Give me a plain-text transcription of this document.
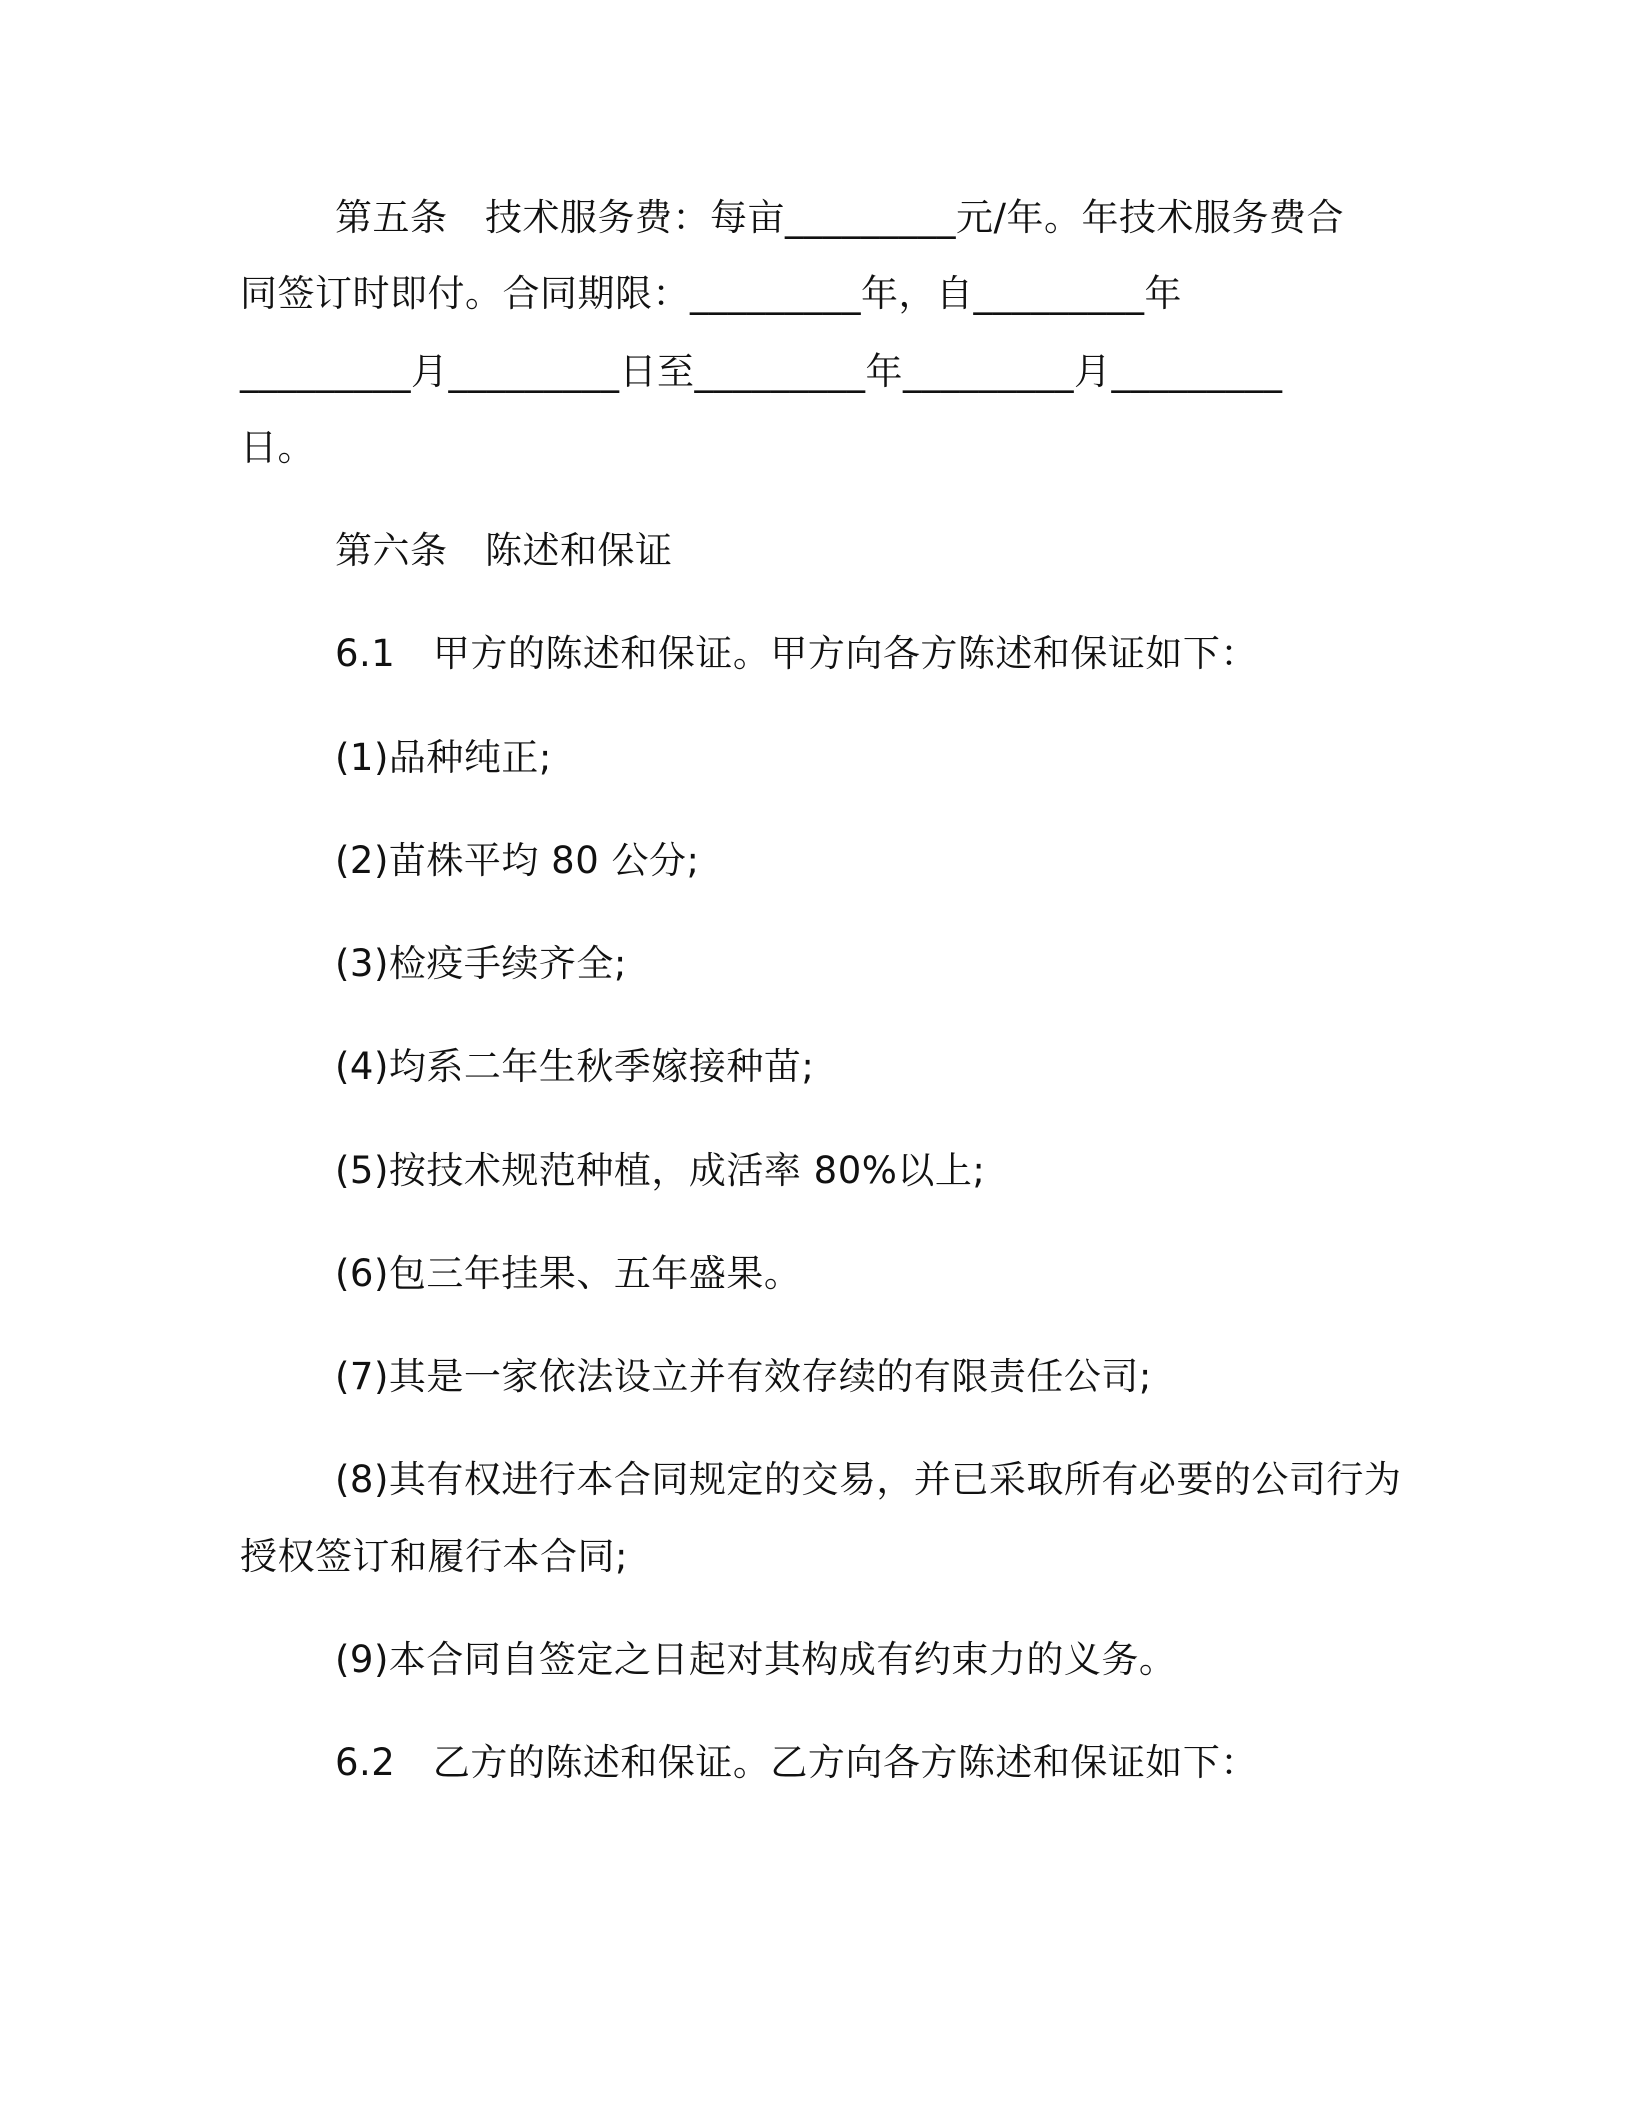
第五条　技术服务费：每亩_________元/年。年技术服务费合
同签订时即付。合同期限：_________年，自_________年
_________月_________日至_________年_________月_________
日。
第六条　陈述和保证
6.1　甲方的陈述和保证。甲方向各方陈述和保证如下：
(1)品种纯正;
(2)苗株平均 80 公分;
(3)检疫手续齐全;
(4)均系二年生秋季嫁接种苗;
(5)按技术规范种植，成活率 80%以上;
(6)包三年挂果、五年盛果。
(7)其是一家依法设立并有效存续的有限责任公司;
(8)其有权进行本合同规定的交易，并已采取所有必要的公司行为
授权签订和履行本合同;
(9)本合同自签定之日起对其构成有约束力的义务。
6.2　乙方的陈述和保证。乙方向各方陈述和保证如下：
